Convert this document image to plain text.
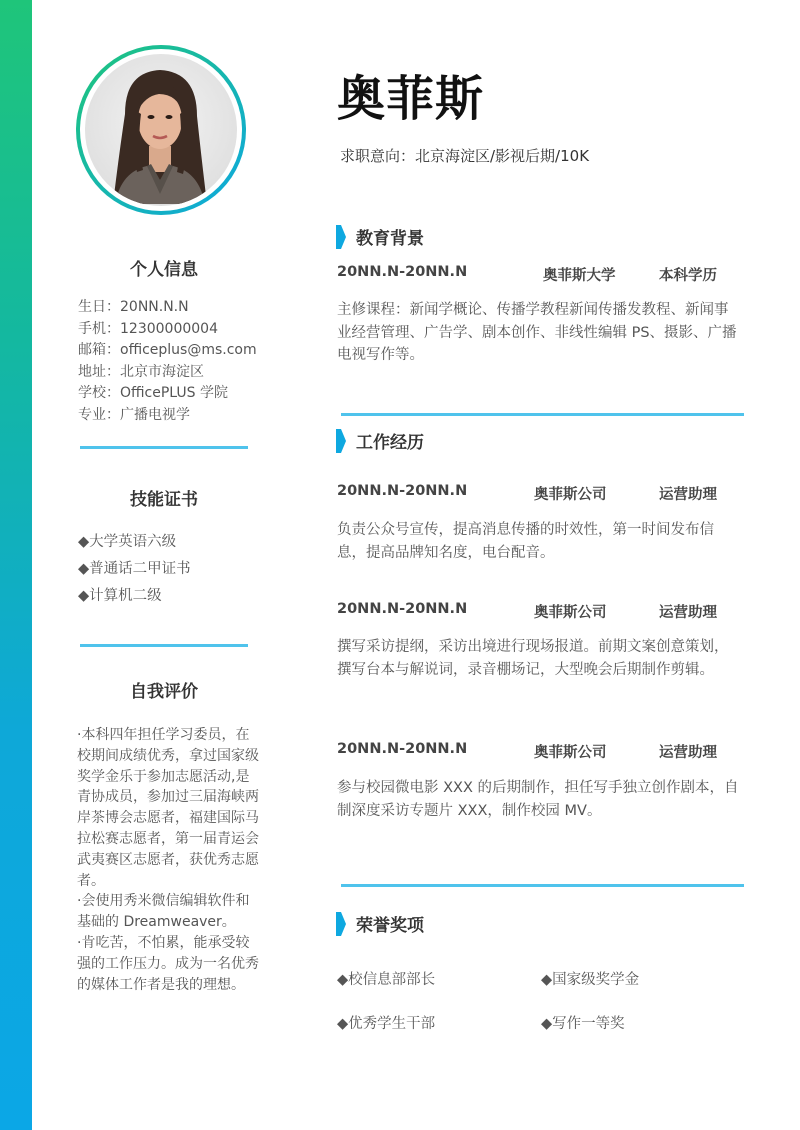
个人信息
生日：20NN.N.N
手机：12300000004
邮箱：officeplus@ms.com
地址：北京市海淀区
学校：OfficePLUS 学院
专业：广播电视学
技能证书
◆大学英语六级
◆普通话二甲证书
◆计算机二级
自我评价

·本科四年担任学习委员，在校期间成绩优秀，拿过国家级奖学金乐于参加志愿活动,是青协成员，参加过三届海峡两岸茶博会志愿者，福建国际马拉松赛志愿者，第一届青运会武夷赛区志愿者，获优秀志愿者。

·会使用秀米微信编辑软件和基础的 Dreamweaver。

·肯吃苦，不怕累，能承受较强的工作压力。成为一名优秀的媒体工作者是我的理想。

奥菲斯
求职意向：北京海淀区/影视后期/10K
教育背景
20NN.N-20NN.N	奥菲斯大学	本科学历
主修课程：新闻学概论、传播学教程新闻传播发教程、新闻事业经营管理、广告学、剧本创作、非线性编辑 PS、摄影、广播电视写作等。
工作经历
20NN.N-20NN.N	奥菲斯公司	运营助理
负责公众号宣传，提高消息传播的时效性，第一时间发布信息，提高品牌知名度，电台配音。
20NN.N-20NN.N	奥菲斯公司	运营助理
撰写采访提纲，采访出境进行现场报道。前期文案创意策划，撰写台本与解说词，录音棚场记，大型晚会后期制作剪辑。
20NN.N-20NN.N	奥菲斯公司	运营助理
参与校园微电影 XXX 的后期制作，担任写手独立创作剧本，自制深度采访专题片 XXX，制作校园 MV。
荣誉奖项
◆校信息部部长	◆国家级奖学金
◆优秀学生干部	◆写作一等奖
